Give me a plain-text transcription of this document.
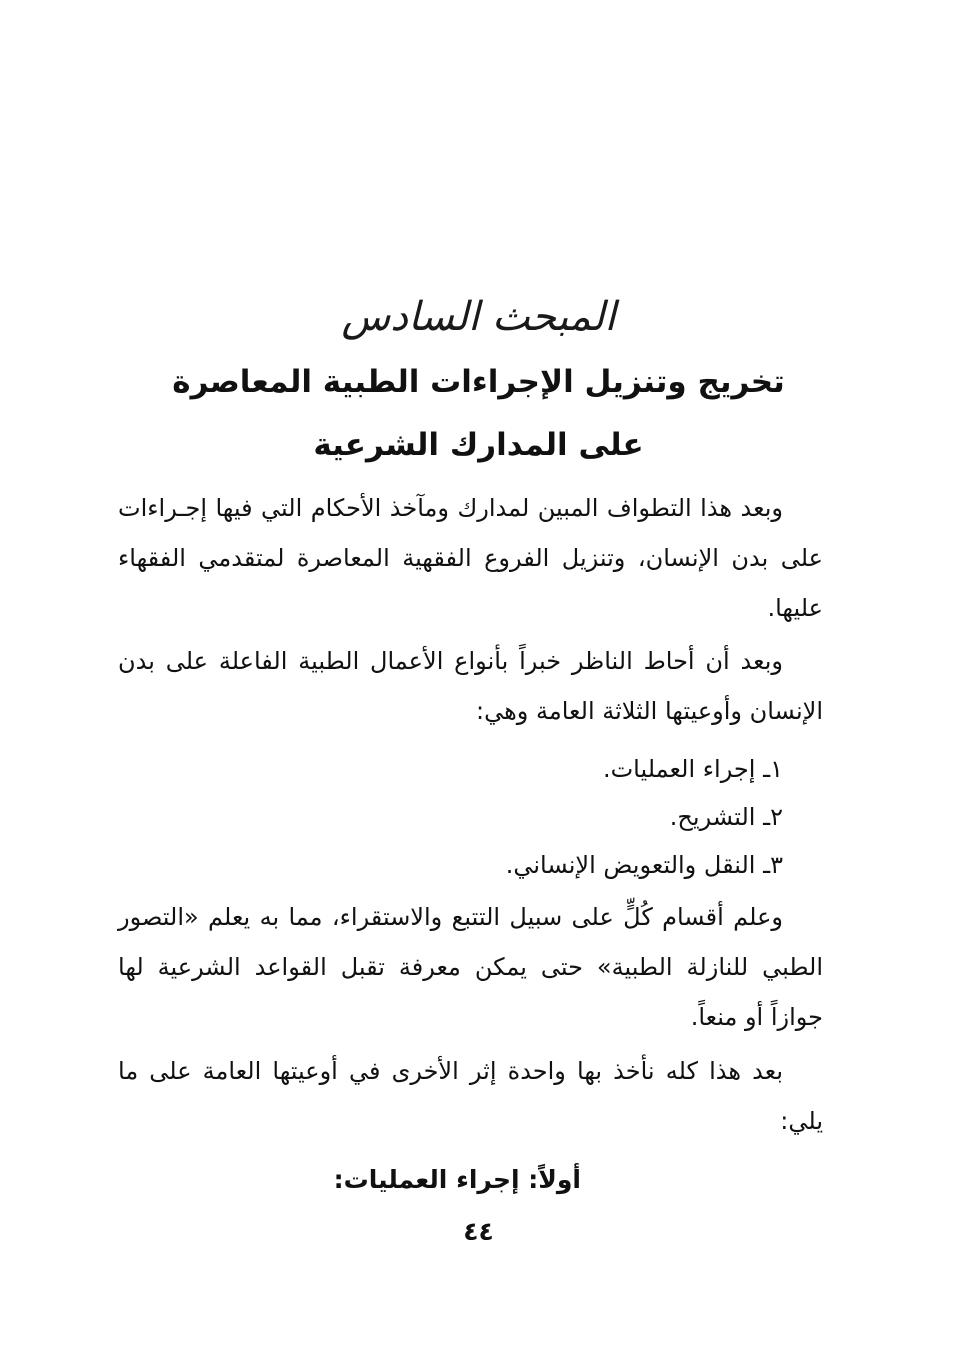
المبحث السادس
تخريج وتنزيل الإجراءات الطبية المعاصرة
على المدارك الشرعية

وبعد هذا التطواف المبين لمدارك ومآخذ الأحكام التي فيها إجـراءات على بدن الإنسان، وتنزيل الفروع الفقهية المعاصرة لمتقدمي الفقهاء عليها.

وبعد أن أحاط الناظر خبراً بأنواع الأعمال الطبية الفاعلة على بدن الإنسان وأوعيتها الثلاثة العامة وهي:

١ـ إجراء العمليات.
٢ـ التشريح.
٣ـ النقل والتعويض الإنساني.

وعلم أقسام كُلٍّ على سبيل التتبع والاستقراء، مما به يعلم «التصور الطبي للنازلة الطبية» حتى يمكن معرفة تقبل القواعد الشرعية لها جوازاً أو منعاً.

بعد هذا كله نأخذ بها واحدة إثر الأخرى في أوعيتها العامة على ما يلي:

أولاً: إجراء العمليات:
٤٤
